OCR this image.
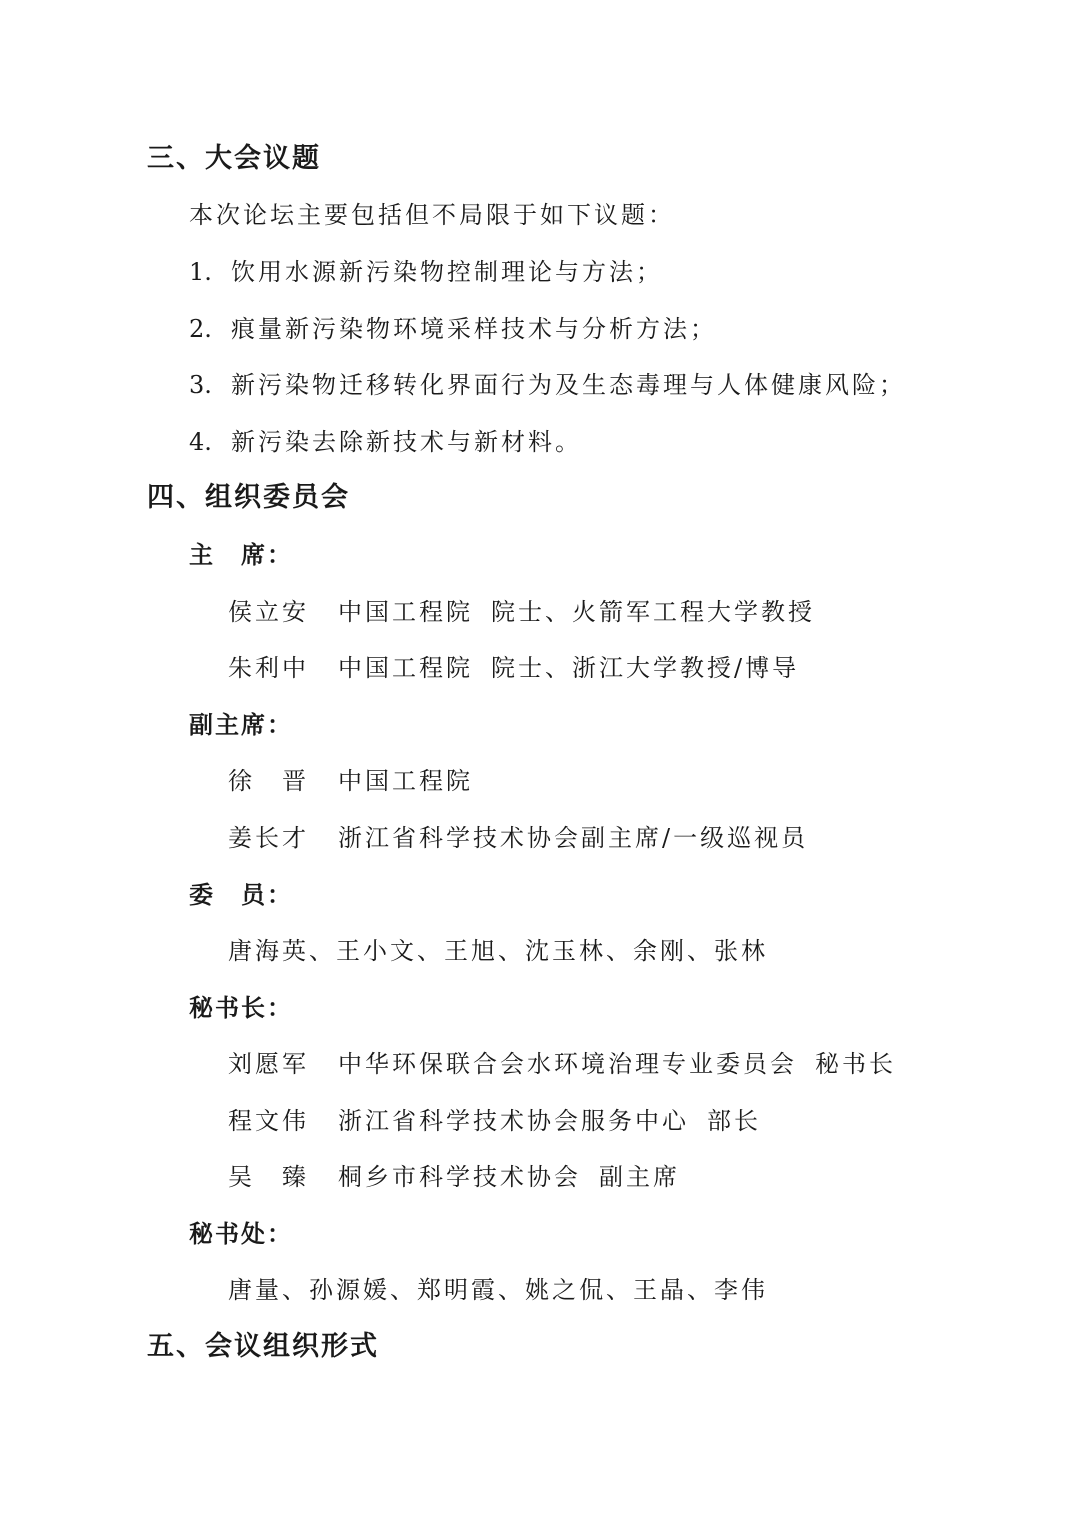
三、大会议题
本次论坛主要包括但不局限于如下议题：
1. 饮用水源新污染物控制理论与方法；
2. 痕量新污染物环境采样技术与分析方法；
3. 新污染物迁移转化界面行为及生态毒理与人体健康风险；
4. 新污染去除新技术与新材料。
四、组织委员会
主　席：
侯立安 中国工程院 院士、火箭军工程大学教授
朱利中 中国工程院 院士、浙江大学教授/博导
副主席：
徐　晋 中国工程院
姜长才 浙江省科学技术协会副主席/一级巡视员
委　员：
唐海英、王小文、王旭、沈玉林、余刚、张林
秘书长：
刘愿军 中华环保联合会水环境治理专业委员会 秘书长
程文伟 浙江省科学技术协会服务中心 部长
吴　臻 桐乡市科学技术协会 副主席
秘书处：
唐量、孙源媛、郑明霞、姚之侃、王晶、李伟
五、会议组织形式
